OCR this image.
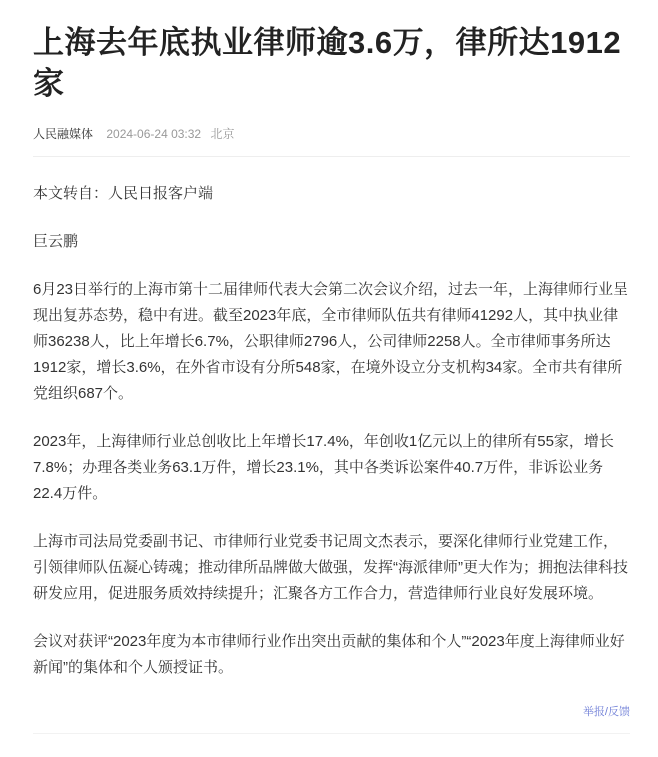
上海去年底执业律师逾3.6万，律所达1912家
人民融媒体 2024-06-24 03:32 北京

本文转自：人民日报客户端

巨云鹏

6月23日举行的上海市第十二届律师代表大会第二次会议介绍，过去一年，上海律师行业呈现出复苏态势，稳中有进。截至2023年底，全市律师队伍共有律师41292人，其中执业律师36238人，比上年增长6.7%，公职律师2796人，公司律师2258人。全市律师事务所达1912家，增长3.6%，在外省市设有分所548家，在境外设立分支机构34家。全市共有律所党组织687个。

2023年，上海律师行业总创收比上年增长17.4%，年创收1亿元以上的律所有55家，增长7.8%；办理各类业务63.1万件，增长23.1%，其中各类诉讼案件40.7万件，非诉讼业务22.4万件。

上海市司法局党委副书记、市律师行业党委书记周文杰表示，要深化律师行业党建工作，引领律师队伍凝心铸魂；推动律所品牌做大做强，发挥“海派律师”更大作为；拥抱法律科技研发应用，促进服务质效持续提升；汇聚各方工作合力，营造律师行业良好发展环境。

会议对获评“2023年度为本市律师行业作出突出贡献的集体和个人”“2023年度上海律师业好新闻”的集体和个人颁授证书。

举报/反馈
